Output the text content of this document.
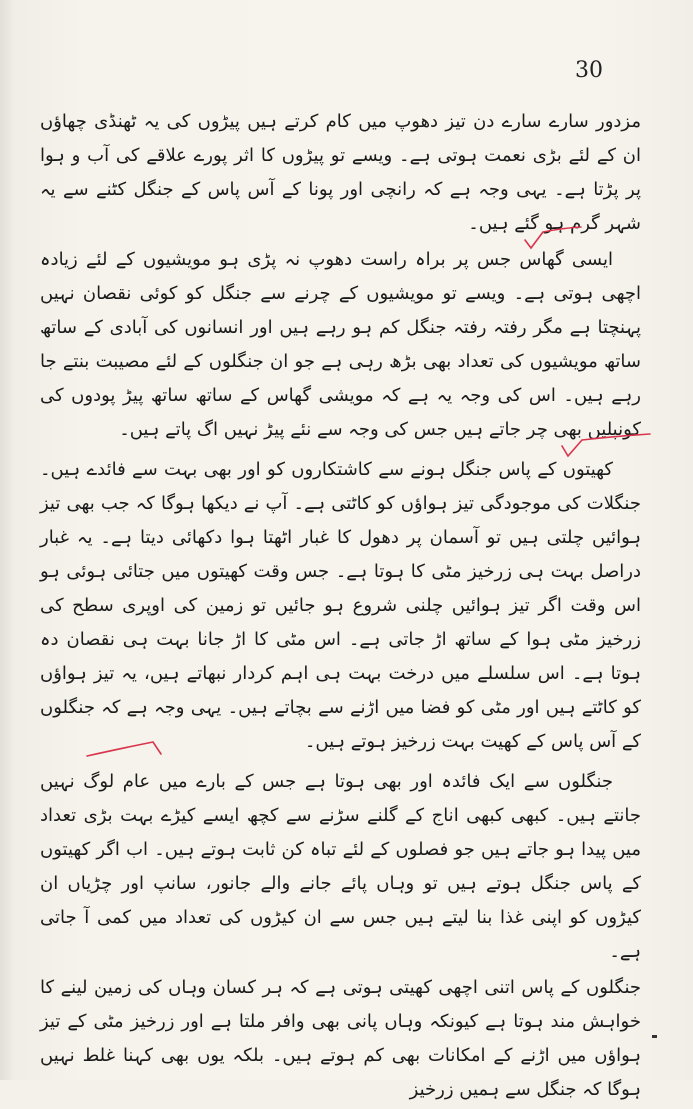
30

مزدور سارے سارے دن تیز دھوپ میں کام کرتے ہیں پیڑوں کی یہ ٹھنڈی چھاؤں ان کے لئے بڑی نعمت ہوتی ہے۔ ویسے تو پیڑوں کا اثر پورے علاقے کی آب و ہوا پر پڑتا ہے۔ یہی وجہ ہے کہ رانچی اور پونا کے آس پاس کے جنگل کٹنے سے یہ شہر گرم ہو گئے ہیں۔

ایسی گھاس جس پر براہ راست دھوپ نہ پڑی ہو مویشیوں کے لئے زیادہ اچھی ہوتی ہے۔ ویسے تو مویشیوں کے چرنے سے جنگل کو کوئی نقصان نہیں پہنچتا ہے مگر رفتہ رفتہ جنگل کم ہو رہے ہیں اور انسانوں کی آبادی کے ساتھ ساتھ مویشیوں کی تعداد بھی بڑھ رہی ہے جو ان جنگلوں کے لئے مصیبت بنتے جا رہے ہیں۔ اس کی وجہ یہ ہے کہ مویشی گھاس کے ساتھ ساتھ پیڑ پودوں کی کونپلیں بھی چر جاتے ہیں جس کی وجہ سے نئے پیڑ نہیں اگ پاتے ہیں۔

کھیتوں کے پاس جنگل ہونے سے کاشتکاروں کو اور بھی بہت سے فائدے ہیں۔ جنگلات کی موجودگی تیز ہواؤں کو کاٹتی ہے۔ آپ نے دیکھا ہوگا کہ جب بھی تیز ہوائیں چلتی ہیں تو آسمان پر دھول کا غبار اٹھتا ہوا دکھائی دیتا ہے۔ یہ غبار دراصل بہت ہی زرخیز مٹی کا ہوتا ہے۔ جس وقت کھیتوں میں جتائی ہوئی ہو اس وقت اگر تیز ہوائیں چلنی شروع ہو جائیں تو زمین کی اوپری سطح کی زرخیز مٹی ہوا کے ساتھ اڑ جاتی ہے۔ اس مٹی کا اڑ جانا بہت ہی نقصان دہ ہوتا ہے۔ اس سلسلے میں درخت بہت ہی اہم کردار نبھاتے ہیں، یہ تیز ہواؤں کو کاٹتے ہیں اور مٹی کو فضا میں اڑنے سے بچاتے ہیں۔ یہی وجہ ہے کہ جنگلوں کے آس پاس کے کھیت بہت زرخیز ہوتے ہیں۔

جنگلوں سے ایک فائدہ اور بھی ہوتا ہے جس کے بارے میں عام لوگ نہیں جانتے ہیں۔ کبھی کبھی اناج کے گلنے سڑنے سے کچھ ایسے کیڑے بہت بڑی تعداد میں پیدا ہو جاتے ہیں جو فصلوں کے لئے تباہ کن ثابت ہوتے ہیں۔ اب اگر کھیتوں کے پاس جنگل ہوتے ہیں تو وہاں پائے جانے والے جانور، سانپ اور چڑیاں ان کیڑوں کو اپنی غذا بنا لیتے ہیں جس سے ان کیڑوں کی تعداد میں کمی آ جاتی ہے۔

جنگلوں کے پاس اتنی اچھی کھیتی ہوتی ہے کہ ہر کسان وہاں کی زمین لینے کا خواہش مند ہوتا ہے کیونکہ وہاں پانی بھی وافر ملتا ہے اور زرخیز مٹی کے تیز ہواؤں میں اڑنے کے امکانات بھی کم ہوتے ہیں۔ بلکہ یوں بھی کہنا غلط نہیں ہوگا کہ جنگل سے ہمیں زرخیز
